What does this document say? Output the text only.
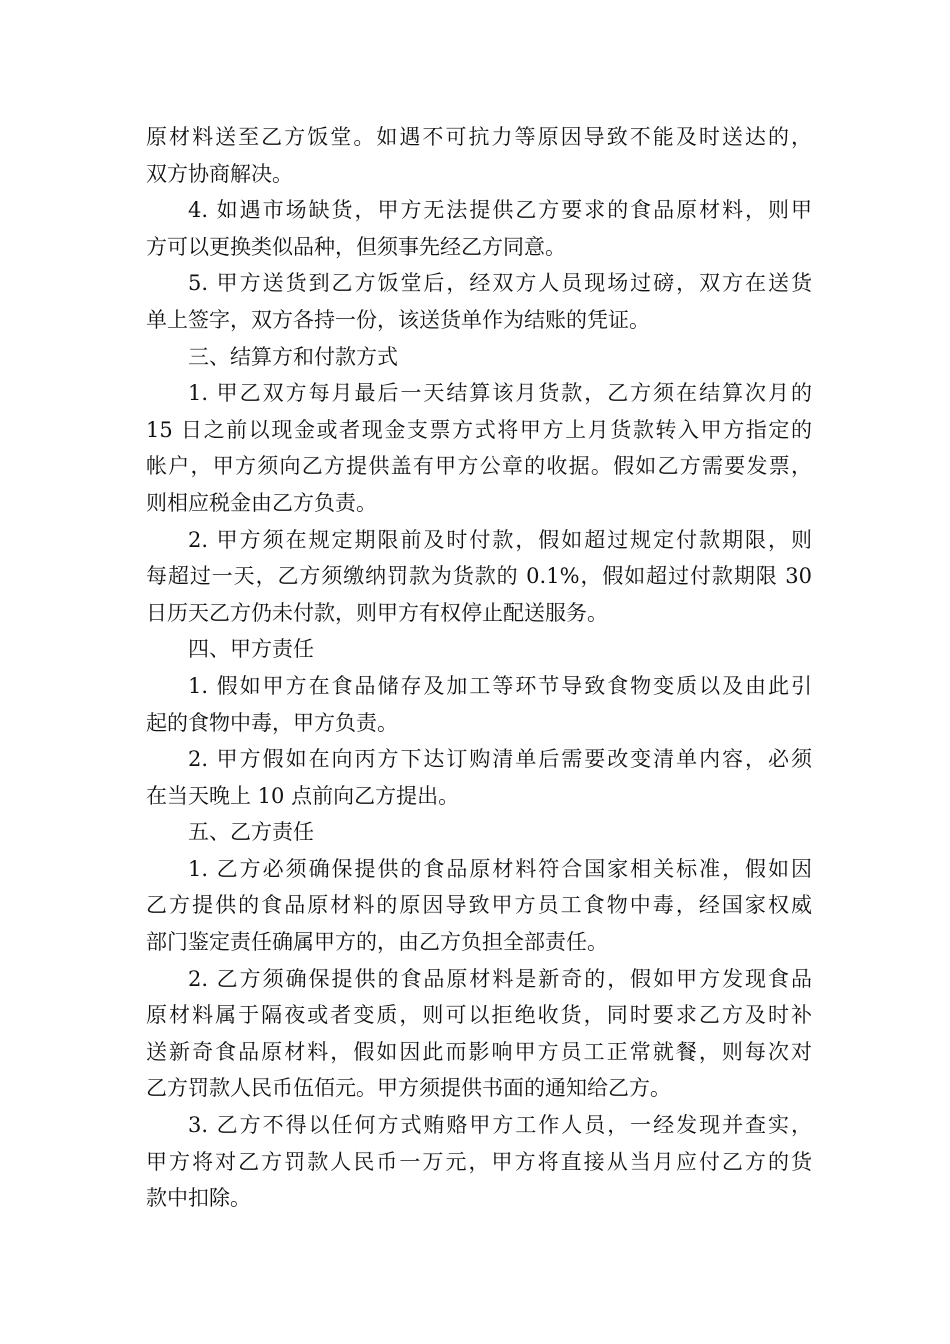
原材料送至乙方饭堂。如遇不可抗力等原因导致不能及时送达的，
双方协商解决。
4. 如遇市场缺货，甲方无法提供乙方要求的食品原材料，则甲
方可以更换类似品种，但须事先经乙方同意。
5. 甲方送货到乙方饭堂后，经双方人员现场过磅，双方在送货
单上签字，双方各持一份，该送货单作为结账的凭证。
三、结算方和付款方式
1. 甲乙双方每月最后一天结算该月货款，乙方须在结算次月的
15 日之前以现金或者现金支票方式将甲方上月货款转入甲方指定的
帐户，甲方须向乙方提供盖有甲方公章的收据。假如乙方需要发票，
则相应税金由乙方负责。
2. 甲方须在规定期限前及时付款，假如超过规定付款期限，则
每超过一天，乙方须缴纳罚款为货款的 0.1%，假如超过付款期限 30
日历天乙方仍未付款，则甲方有权停止配送服务。
四、甲方责任
1. 假如甲方在食品储存及加工等环节导致食物变质以及由此引
起的食物中毒，甲方负责。
2. 甲方假如在向丙方下达订购清单后需要改变清单内容，必须
在当天晚上 10 点前向乙方提出。
五、乙方责任
1. 乙方必须确保提供的食品原材料符合国家相关标准，假如因
乙方提供的食品原材料的原因导致甲方员工食物中毒，经国家权威
部门鉴定责任确属甲方的，由乙方负担全部责任。
2. 乙方须确保提供的食品原材料是新奇的，假如甲方发现食品
原材料属于隔夜或者变质，则可以拒绝收货，同时要求乙方及时补
送新奇食品原材料，假如因此而影响甲方员工正常就餐，则每次对
乙方罚款人民币伍佰元。甲方须提供书面的通知给乙方。
3. 乙方不得以任何方式贿赂甲方工作人员，一经发现并查实，
甲方将对乙方罚款人民币一万元，甲方将直接从当月应付乙方的货
款中扣除。
